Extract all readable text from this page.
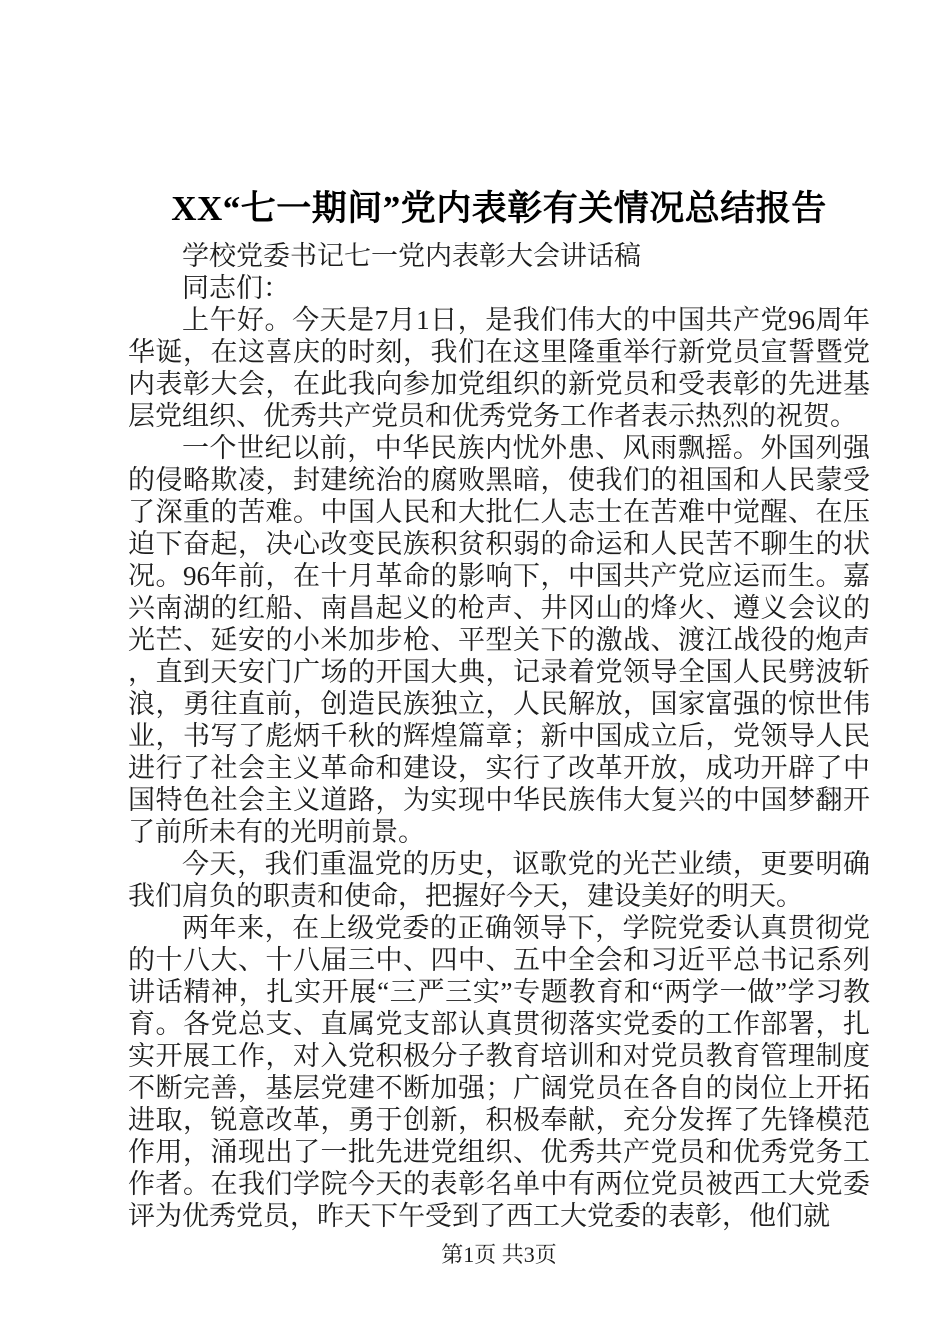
XX“七一期间”党内表彰有关情况总结报告

学校党委书记七一党内表彰大会讲话稿

同志们：

上午好。今天是7月1日，是我们伟大的中国共产党96周年华诞，在这喜庆的时刻，我们在这里隆重举行新党员宣誓暨党内表彰大会，在此我向参加党组织的新党员和受表彰的先进基层党组织、优秀共产党员和优秀党务工作者表示热烈的祝贺。

一个世纪以前，中华民族内忧外患、风雨飘摇。外国列强的侵略欺凌，封建统治的腐败黑暗，使我们的祖国和人民蒙受了深重的苦难。中国人民和大批仁人志士在苦难中觉醒、在压迫下奋起，决心改变民族积贫积弱的命运和人民苦不聊生的状况。96年前，在十月革命的影响下，中国共产党应运而生。嘉兴南湖的红船、南昌起义的枪声、井冈山的烽火、遵义会议的光芒、延安的小米加步枪、平型关下的激战、渡江战役的炮声，直到天安门广场的开国大典，记录着党领导全国人民劈波斩浪，勇往直前，创造民族独立，人民解放，国家富强的惊世伟业，书写了彪炳千秋的辉煌篇章；新中国成立后，党领导人民进行了社会主义革命和建设，实行了改革开放，成功开辟了中国特色社会主义道路，为实现中华民族伟大复兴的中国梦翻开了前所未有的光明前景。

今天，我们重温党的历史，讴歌党的光芒业绩，更要明确我们肩负的职责和使命，把握好今天，建设美好的明天。

两年来，在上级党委的正确领导下，学院党委认真贯彻党的十八大、十八届三中、四中、五中全会和习近平总书记系列讲话精神，扎实开展“三严三实”专题教育和“两学一做”学习教育。各党总支、直属党支部认真贯彻落实党委的工作部署，扎实开展工作，对入党积极分子教育培训和对党员教育管理制度不断完善，基层党建不断加强；广阔党员在各自的岗位上开拓进取，锐意改革，勇于创新，积极奉献，充分发挥了先锋模范作用，涌现出了一批先进党组织、优秀共产党员和优秀党务工作者。在我们学院今天的表彰名单中有两位党员被西工大党委评为优秀党员，昨天下午受到了西工大党委的表彰，他们就

第1页 共3页
